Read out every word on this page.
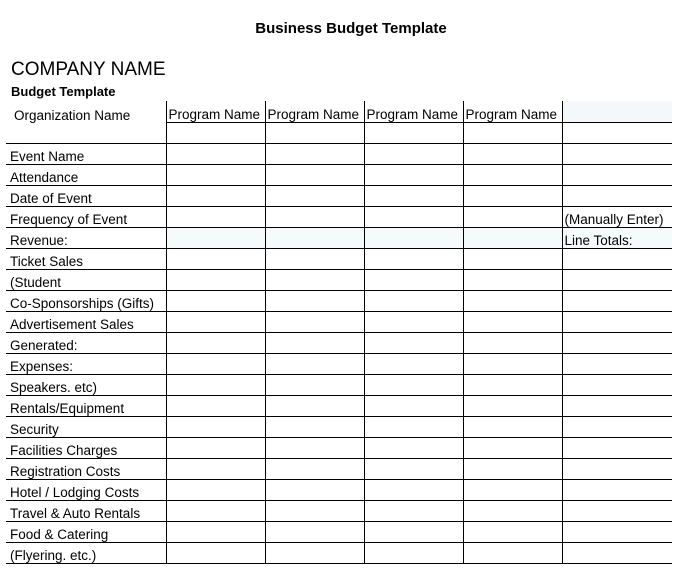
Business Budget Template
COMPANY NAME
Budget Template
Organization Name	Program Name	Program Name	Program Name	Program Name	

Event Name					
Attendance					
Date of Event					
Frequency of Event					(Manually Enter)
Revenue:					Line Totals:
Ticket Sales					
(Student					
Co-Sponsorships (Gifts)					
Advertisement Sales					
Generated:					
Expenses:					
Speakers. etc)					
Rentals/Equipment					
Security					
Facilities Charges					
Registration Costs					
Hotel / Lodging Costs					
Travel & Auto Rentals					
Food & Catering					
(Flyering. etc.)					
